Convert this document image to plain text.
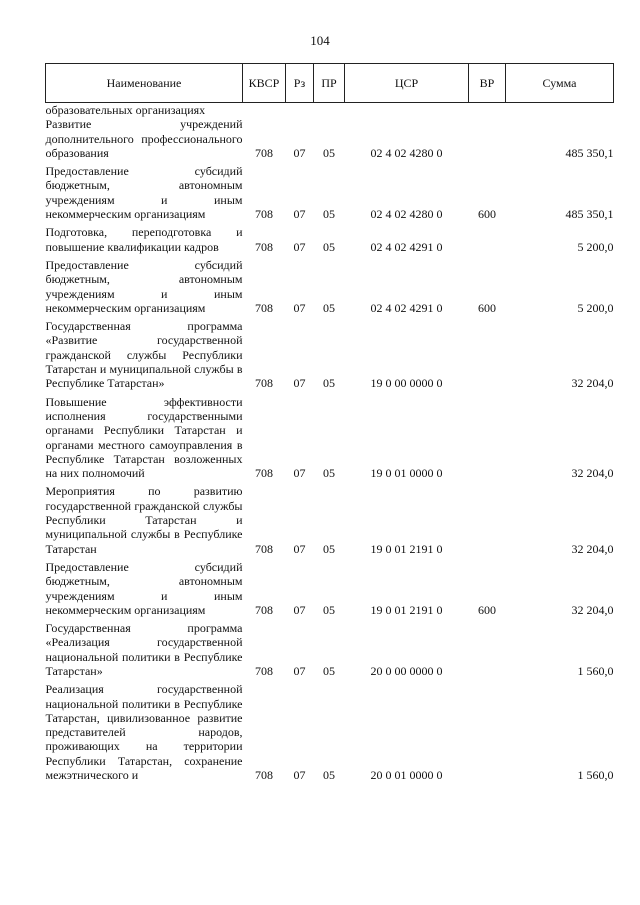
104
Наименование	КВСР	Рз	ПР	ЦСР	ВР	Сумма
образовательных организациях						
Развитие учреждений дополнительного профессионального образования	708	07	05	02 4 02 4280 0		485 350,1

Предоставление субсидий бюджетным, автономным учреждениям и иным некоммерческим организациям	708	07	05	02 4 02 4280 0	600	485 350,1

Подготовка, переподготовка и повышение квалификации кадров	708	07	05	02 4 02 4291 0		5 200,0

Предоставление субсидий бюджетным, автономным учреждениям и иным некоммерческим организациям	708	07	05	02 4 02 4291 0	600	5 200,0

Государственная программа «Развитие государственной гражданской службы Республики Татарстан и муниципальной службы в Республике Татарстан»	708	07	05	19 0 00 0000 0		32 204,0

Повышение эффективности исполнения государственными органами Республики Татарстан и органами местного самоуправления в Республике Татарстан возложенных на них полномочий	708	07	05	19 0 01 0000 0		32 204,0

Мероприятия по развитию государственной гражданской службы Республики Татарстан и муниципальной службы в Республике Татарстан	708	07	05	19 0 01 2191 0		32 204,0

Предоставление субсидий бюджетным, автономным учреждениям и иным некоммерческим организациям	708	07	05	19 0 01 2191 0	600	32 204,0

Государственная программа «Реализация государственной национальной политики в Республике Татарстан»	708	07	05	20 0 00 0000 0		1 560,0

Реализация государственной национальной политики в Республике Татарстан, цивилизованное развитие представителей народов, проживающих на территории Республики Татарстан, сохранение межэтнического и	708	07	05	20 0 01 0000 0		1 560,0
